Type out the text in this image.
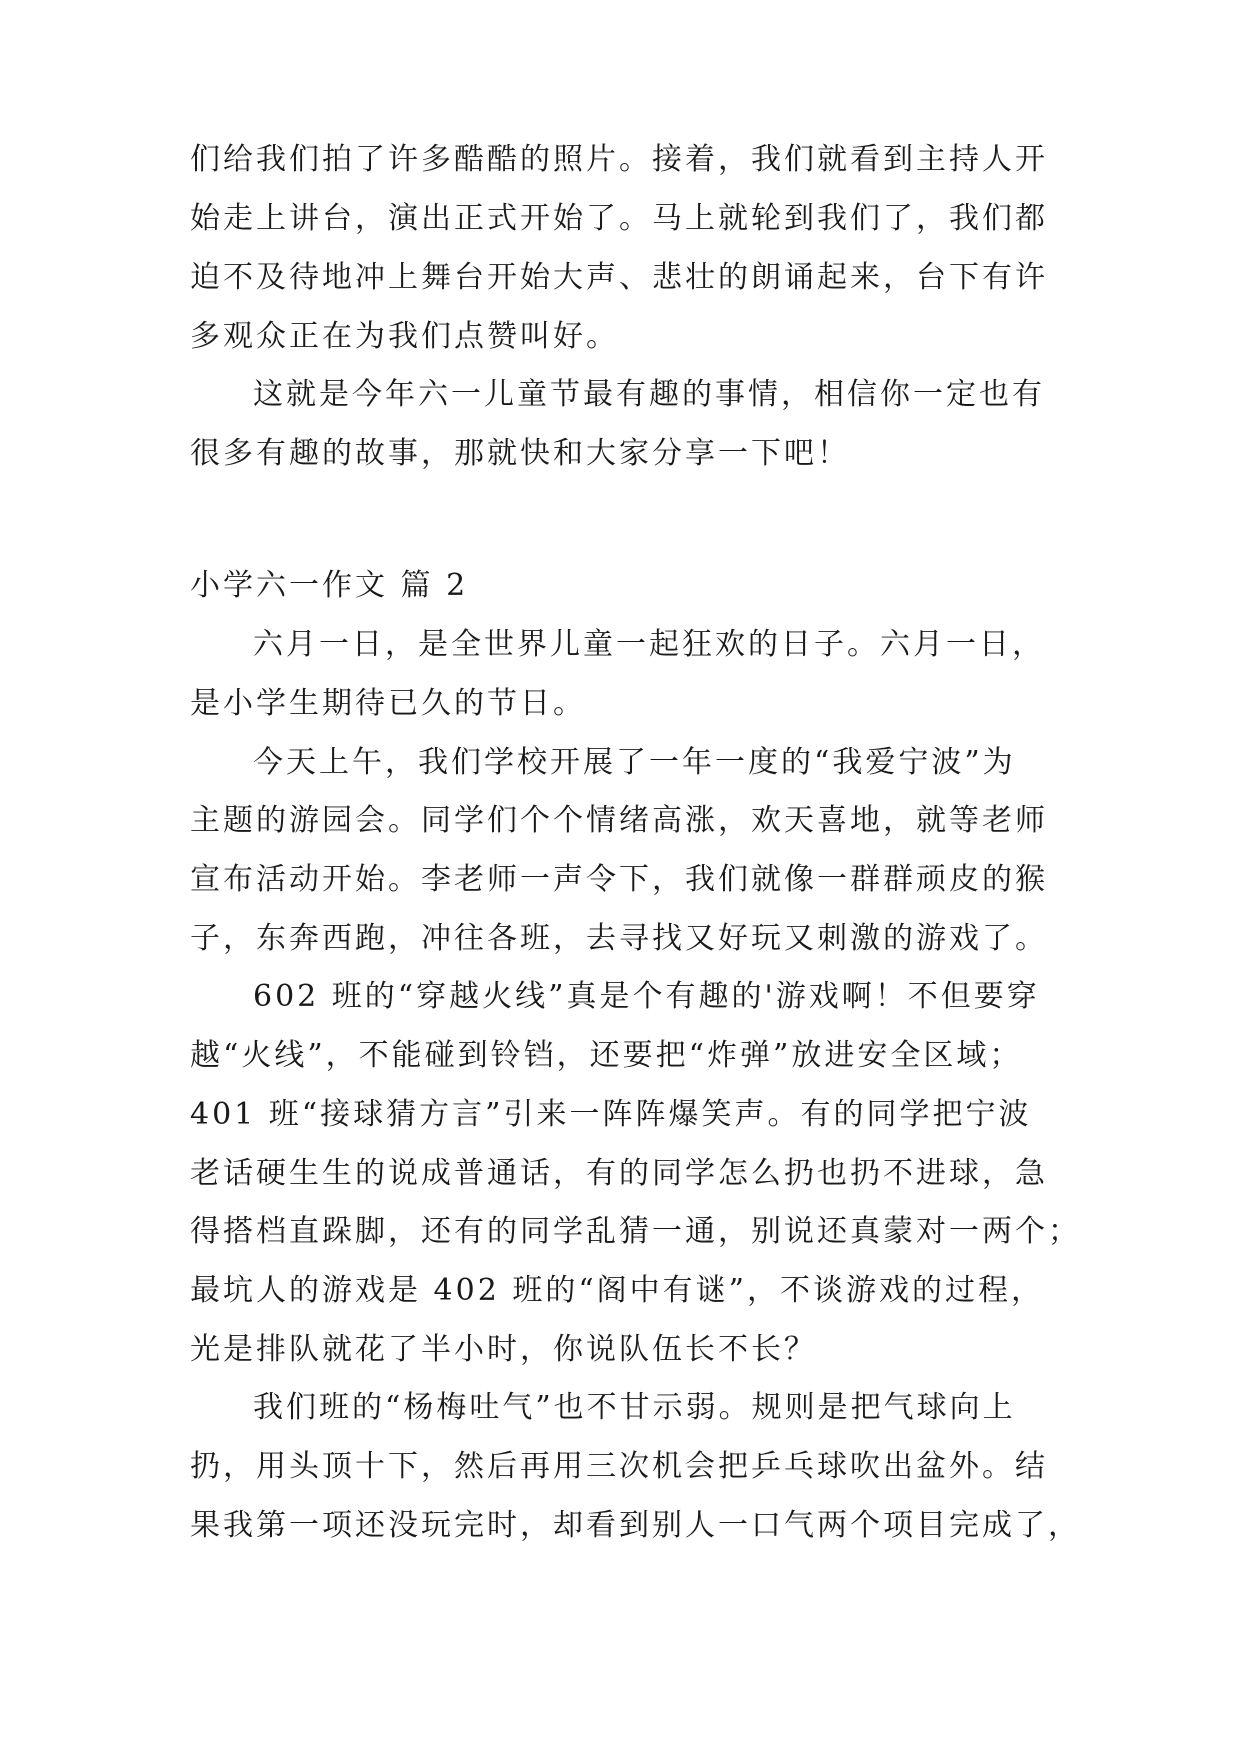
们给我们拍了许多酷酷的照片。接着，我们就看到主持人开
始走上讲台，演出正式开始了。马上就轮到我们了，我们都
迫不及待地冲上舞台开始大声、悲壮的朗诵起来，台下有许
多观众正在为我们点赞叫好。
这就是今年六一儿童节最有趣的事情，相信你一定也有
很多有趣的故事，那就快和大家分享一下吧！
小学六一作文 篇 2
六月一日，是全世界儿童一起狂欢的日子。六月一日，
是小学生期待已久的节日。
今天上午，我们学校开展了一年一度的“我爱宁波”为
主题的游园会。同学们个个情绪高涨，欢天喜地，就等老师
宣布活动开始。李老师一声令下，我们就像一群群顽皮的猴
子，东奔西跑，冲往各班，去寻找又好玩又刺激的游戏了。
602 班的“穿越火线”真是个有趣的'游戏啊！不但要穿
越“火线”，不能碰到铃铛，还要把“炸弹”放进安全区域；
401 班“接球猜方言”引来一阵阵爆笑声。有的同学把宁波
老话硬生生的说成普通话，有的同学怎么扔也扔不进球，急
得搭档直跺脚，还有的同学乱猜一通，别说还真蒙对一两个；
最坑人的游戏是 402 班的“阁中有谜”，不谈游戏的过程，
光是排队就花了半小时，你说队伍长不长？
我们班的“杨梅吐气”也不甘示弱。规则是把气球向上
扔，用头顶十下，然后再用三次机会把乒乓球吹出盆外。结
果我第一项还没玩完时，却看到别人一口气两个项目完成了，
